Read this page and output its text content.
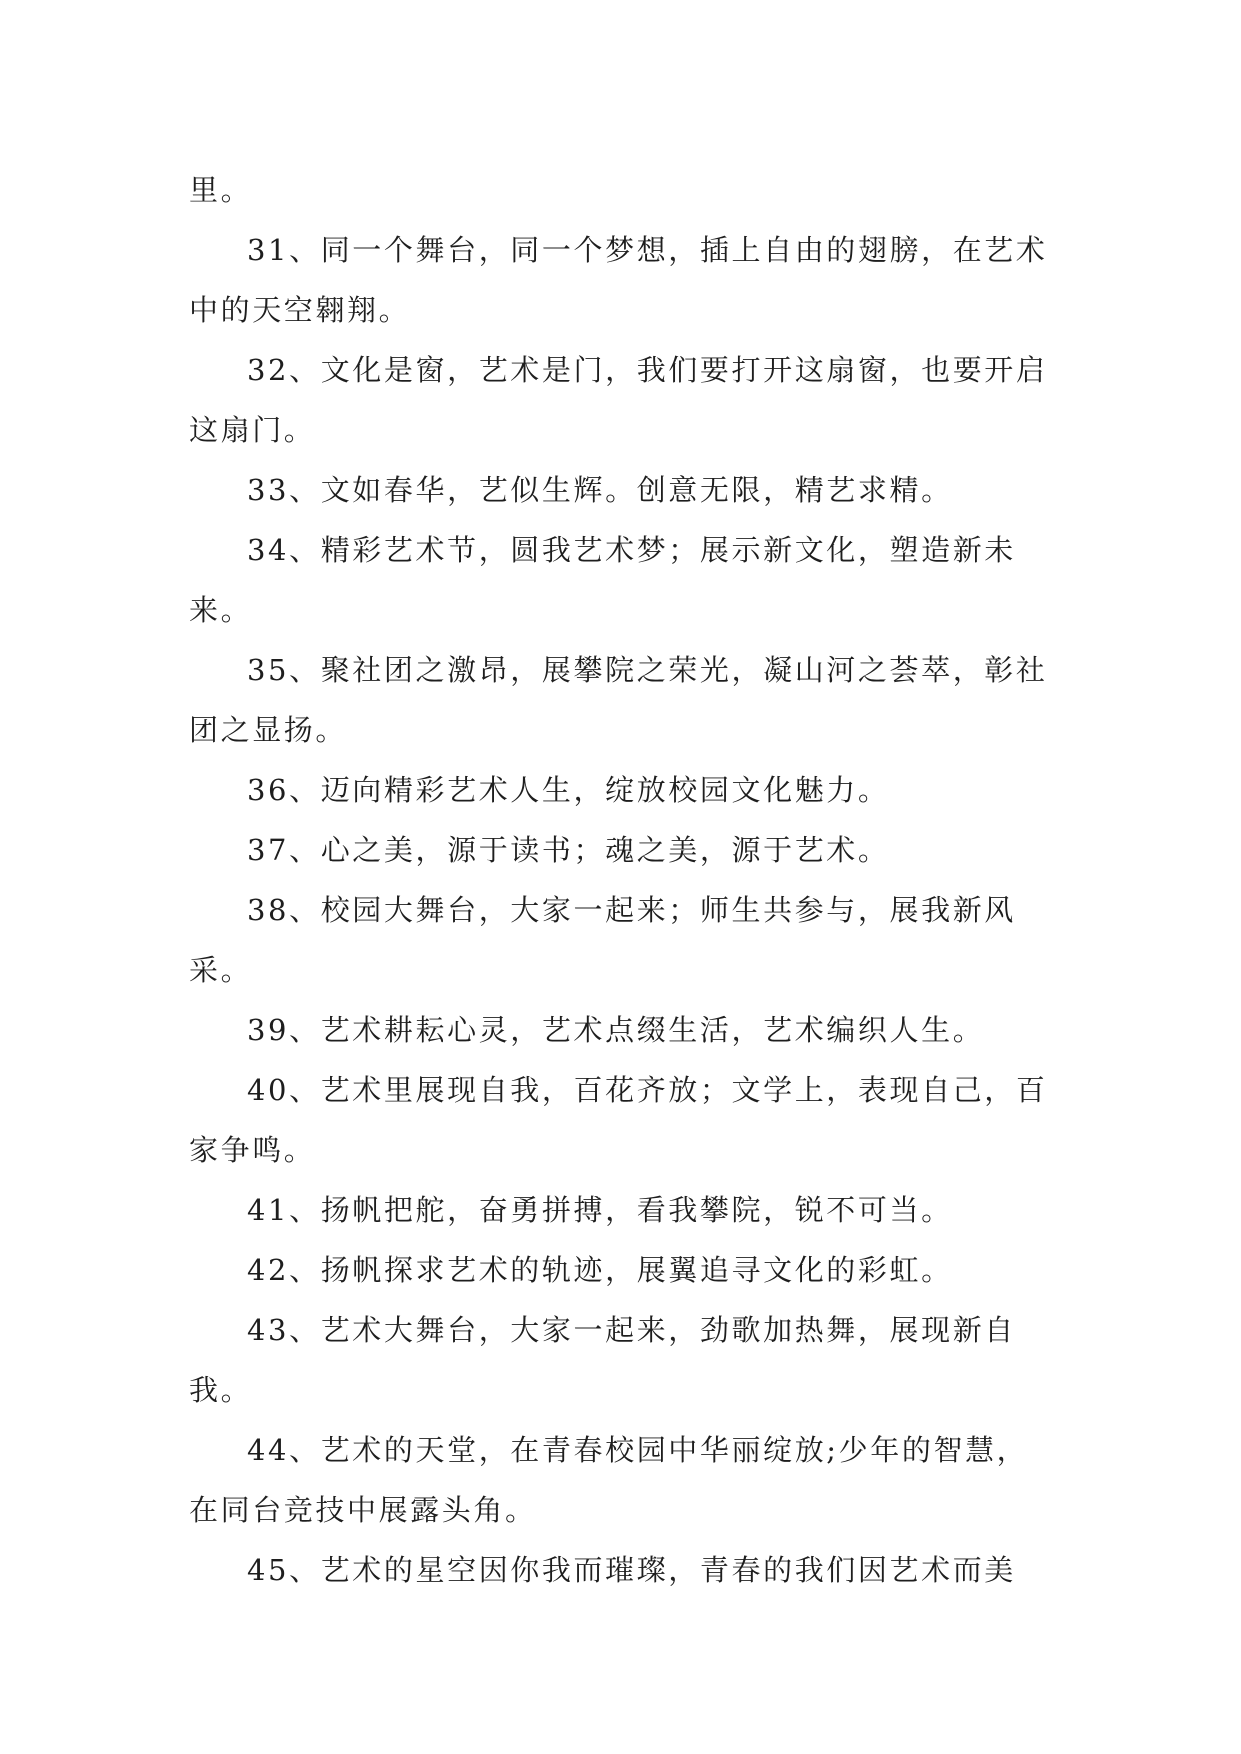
里。

31、同一个舞台，同一个梦想，插上自由的翅膀，在艺术中的天空翱翔。

32、文化是窗，艺术是门，我们要打开这扇窗，也要开启这扇门。

33、文如春华，艺似生辉。创意无限，精艺求精。

34、精彩艺术节，圆我艺术梦；展示新文化，塑造新未来。

35、聚社团之激昂，展攀院之荣光，凝山河之荟萃，彰社团之显扬。

36、迈向精彩艺术人生，绽放校园文化魅力。

37、心之美，源于读书；魂之美，源于艺术。

38、校园大舞台，大家一起来；师生共参与，展我新风采。

39、艺术耕耘心灵，艺术点缀生活，艺术编织人生。

40、艺术里展现自我，百花齐放；文学上，表现自己，百家争鸣。

41、扬帆把舵，奋勇拼搏，看我攀院，锐不可当。

42、扬帆探求艺术的轨迹，展翼追寻文化的彩虹。

43、艺术大舞台，大家一起来，劲歌加热舞，展现新自我。

44、艺术的天堂，在青春校园中华丽绽放;少年的智慧，在同台竞技中展露头角。

45、艺术的星空因你我而璀璨，青春的我们因艺术而美
